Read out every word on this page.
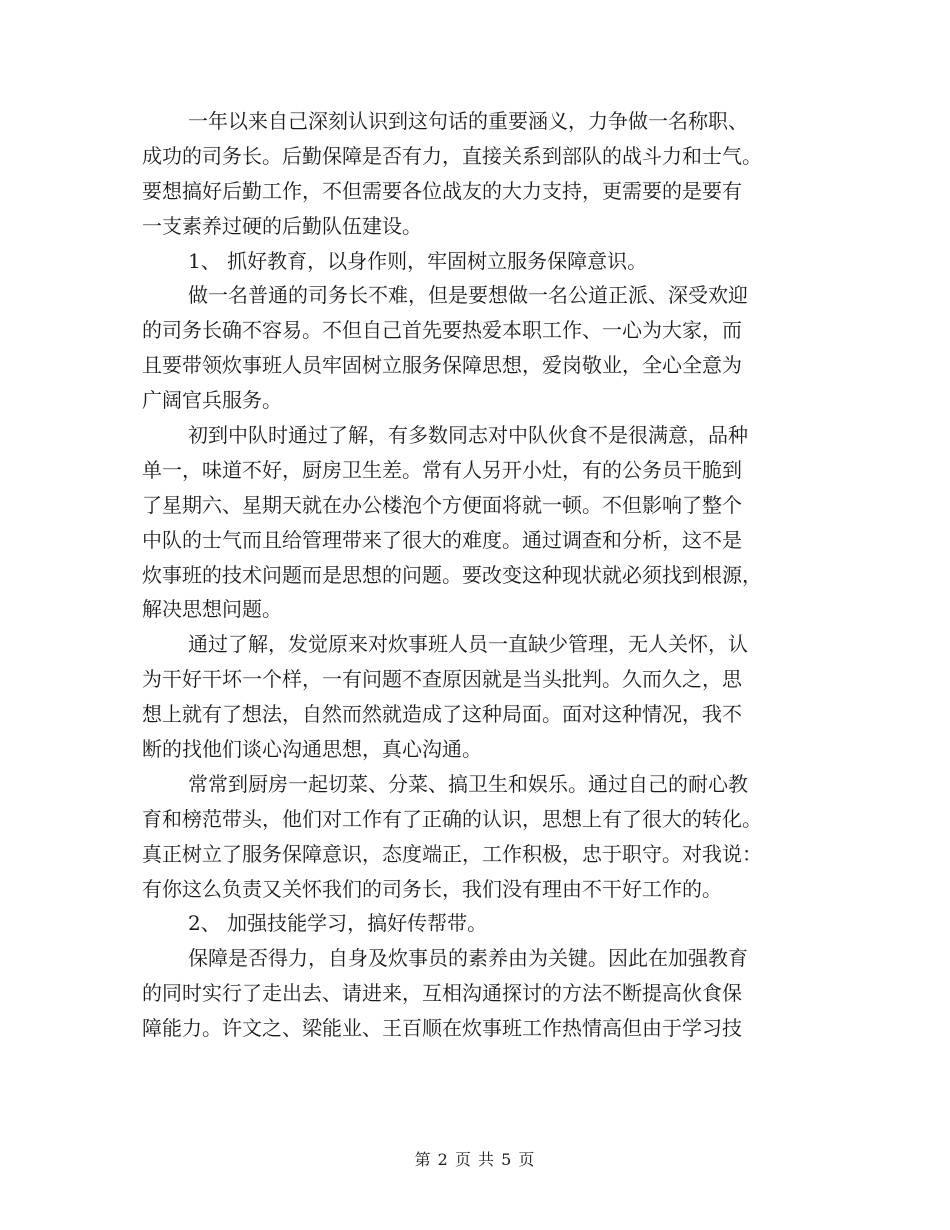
一年以来自己深刻认识到这句话的重要涵义，力争做一名称职、
成功的司务长。后勤保障是否有力，直接关系到部队的战斗力和士气。
要想搞好后勤工作，不但需要各位战友的大力支持，更需要的是要有
一支素养过硬的后勤队伍建设。
1、 抓好教育，以身作则，牢固树立服务保障意识。
做一名普通的司务长不难，但是要想做一名公道正派、深受欢迎
的司务长确不容易。不但自己首先要热爱本职工作、一心为大家，而
且要带领炊事班人员牢固树立服务保障思想，爱岗敬业，全心全意为
广阔官兵服务。
初到中队时通过了解，有多数同志对中队伙食不是很满意，品种
单一，味道不好，厨房卫生差。常有人另开小灶，有的公务员干脆到
了星期六、星期天就在办公楼泡个方便面将就一顿。不但影响了整个
中队的士气而且给管理带来了很大的难度。通过调查和分析，这不是
炊事班的技术问题而是思想的问题。要改变这种现状就必须找到根源，
解决思想问题。
通过了解，发觉原来对炊事班人员一直缺少管理，无人关怀，认
为干好干坏一个样，一有问题不查原因就是当头批判。久而久之，思
想上就有了想法，自然而然就造成了这种局面。面对这种情况，我不
断的找他们谈心沟通思想，真心沟通。
常常到厨房一起切菜、分菜、搞卫生和娱乐。通过自己的耐心教
育和榜范带头，他们对工作有了正确的认识，思想上有了很大的转化。
真正树立了服务保障意识，态度端正，工作积极，忠于职守。对我说：
有你这么负责又关怀我们的司务长，我们没有理由不干好工作的。
2、 加强技能学习，搞好传帮带。
保障是否得力，自身及炊事员的素养由为关键。因此在加强教育
的同时实行了走出去、请进来，互相沟通探讨的方法不断提高伙食保
障能力。许文之、梁能业、王百顺在炊事班工作热情高但由于学习技
第 2 页 共 5 页
